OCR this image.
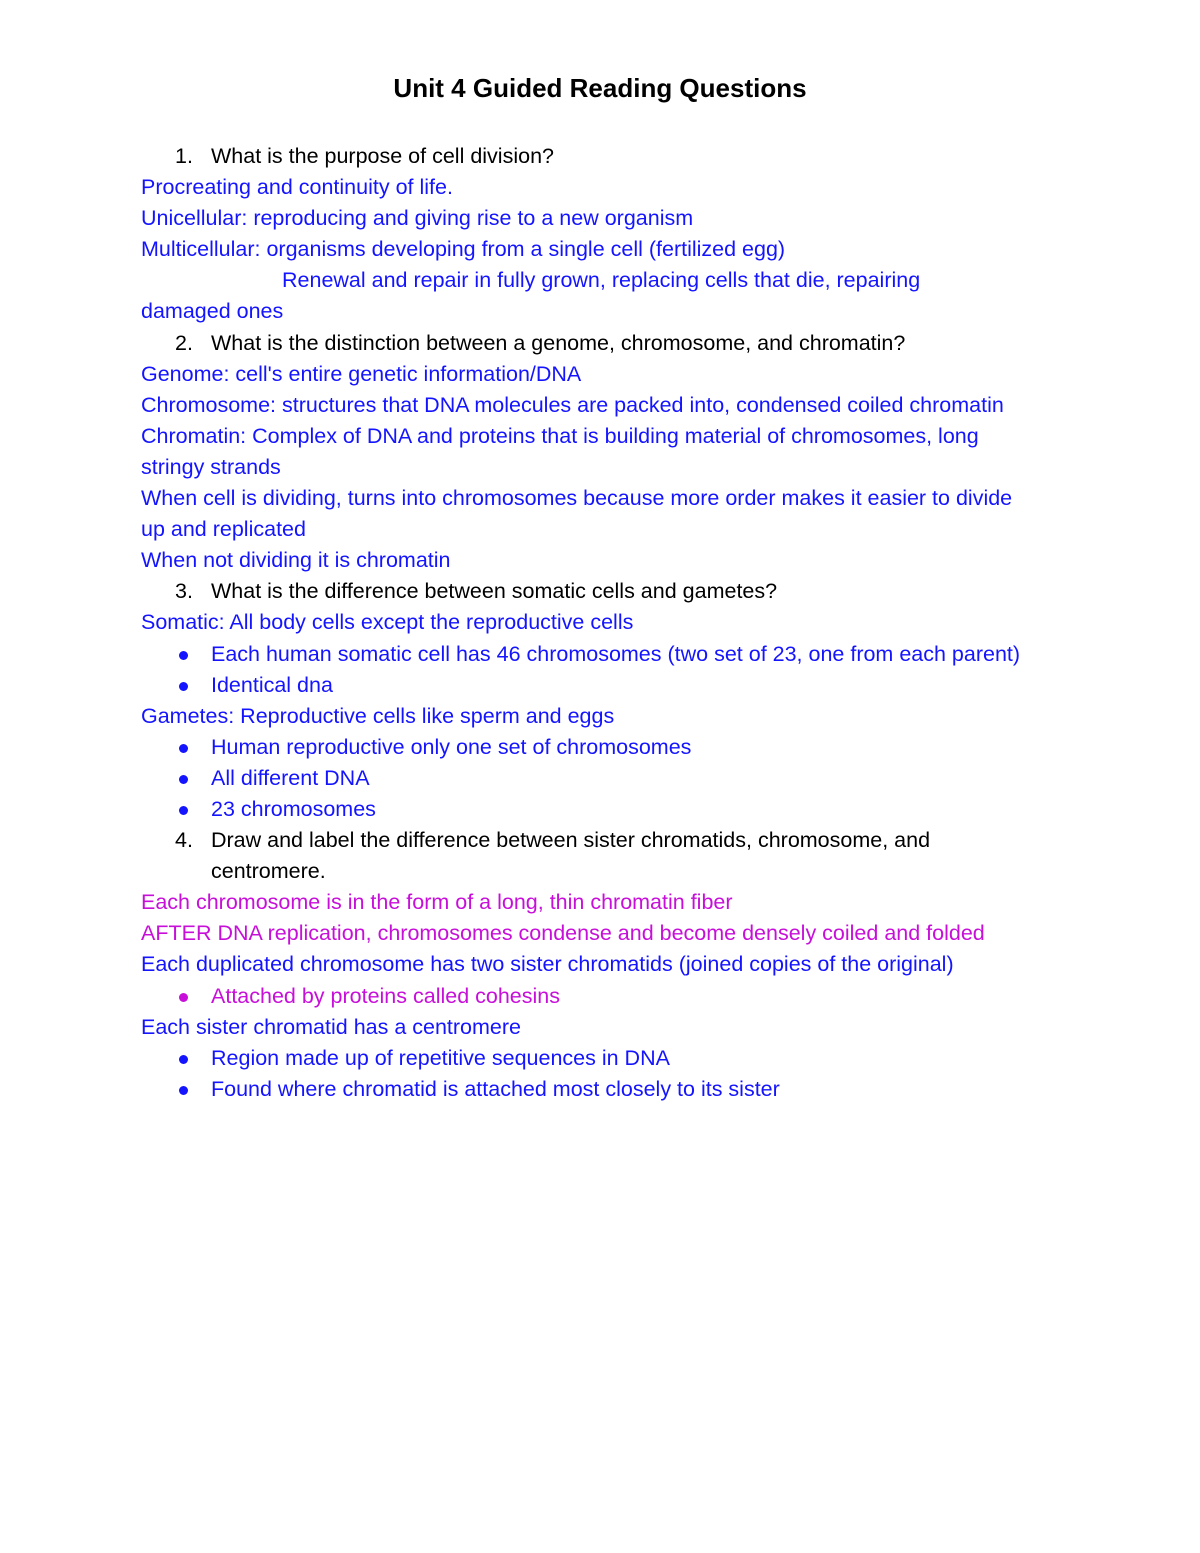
Unit 4 Guided Reading Questions
1. What is the purpose of cell division?
Procreating and continuity of life.
Unicellular: reproducing and giving rise to a new organism
Multicellular: organisms developing from a single cell (fertilized egg)
Renewal and repair in fully grown, replacing cells that die, repairing
damaged ones
2. What is the distinction between a genome, chromosome, and chromatin?
Genome: cell's entire genetic information/DNA
Chromosome: structures that DNA molecules are packed into, condensed coiled chromatin
Chromatin: Complex of DNA and proteins that is building material of chromosomes, long stringy strands
When cell is dividing, turns into chromosomes because more order makes it easier to divide up and replicated
When not dividing it is chromatin
3. What is the difference between somatic cells and gametes?
Somatic: All body cells except the reproductive cells
Each human somatic cell has 46 chromosomes (two set of 23, one from each parent)
Identical dna
Gametes: Reproductive cells like sperm and eggs
Human reproductive only one set of chromosomes
All different DNA
23 chromosomes
4. Draw and label the difference between sister chromatids, chromosome, and centromere.
Each chromosome is in the form of a long, thin chromatin fiber
AFTER DNA replication, chromosomes condense and become densely coiled and folded
Each duplicated chromosome has two sister chromatids (joined copies of the original)
Attached by proteins called cohesins
Each sister chromatid has a centromere
Region made up of repetitive sequences in DNA
Found where chromatid is attached most closely to its sister
